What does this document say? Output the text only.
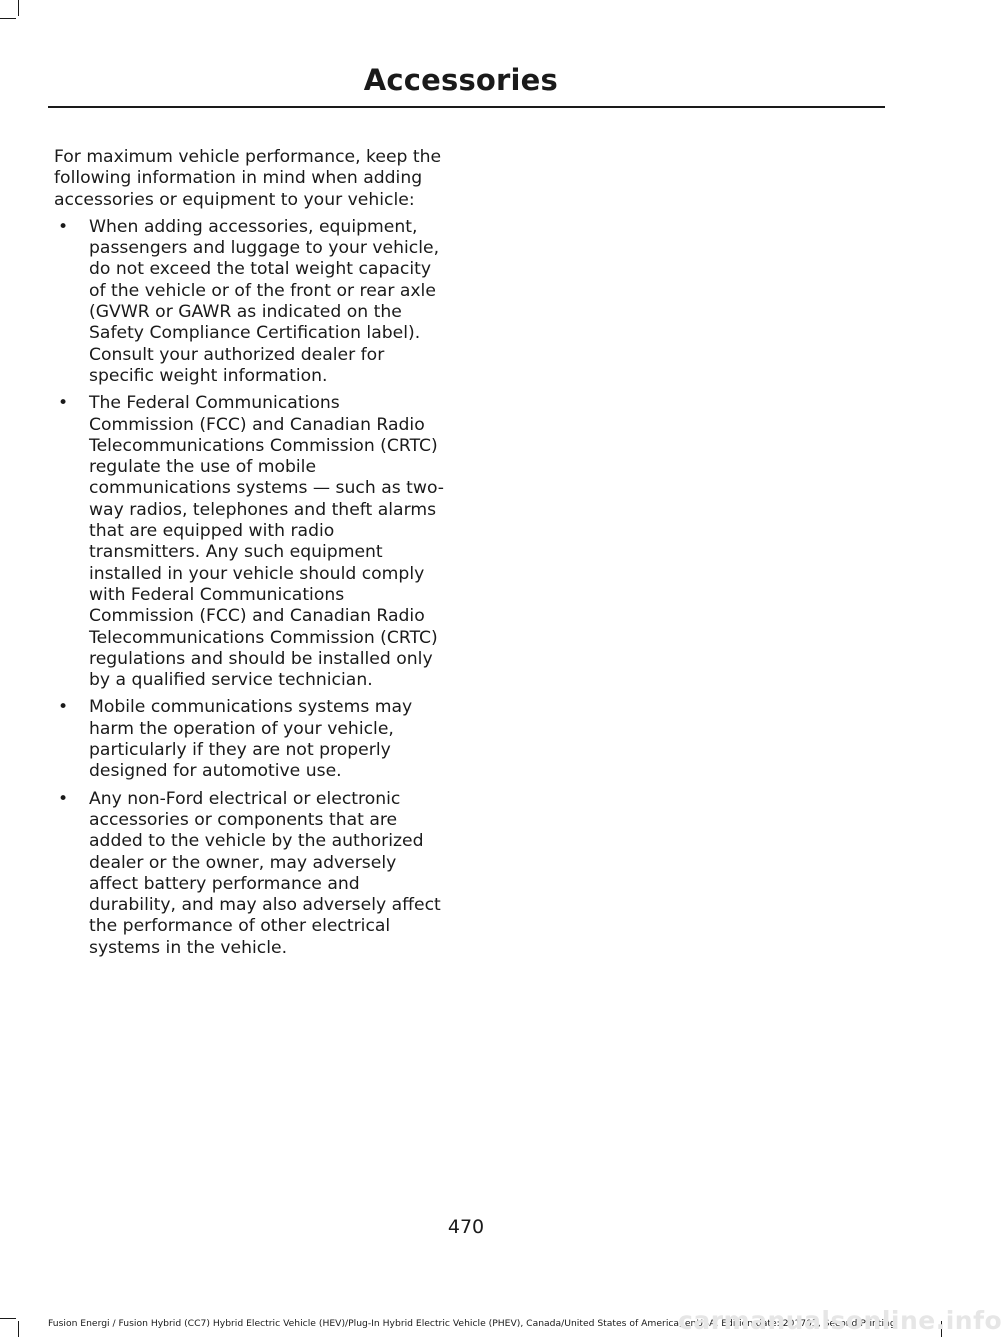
Accessories

For maximum vehicle performance, keep the following information in mind when adding accessories or equipment to your vehicle:

• When adding accessories, equipment, passengers and luggage to your vehicle, do not exceed the total weight capacity of the vehicle or of the front or rear axle (GVWR or GAWR as indicated on the Safety Compliance Certification label). Consult your authorized dealer for specific weight information.
• The Federal Communications Commission (FCC) and Canadian Radio Telecommunications Commission (CRTC) regulate the use of mobile communications systems — such as two-way radios, telephones and theft alarms that are equipped with radio transmitters. Any such equipment installed in your vehicle should comply with Federal Communications Commission (FCC) and Canadian Radio Telecommunications Commission (CRTC) regulations and should be installed only by a qualified service technician.
• Mobile communications systems may harm the operation of your vehicle, particularly if they are not properly designed for automotive use.
• Any non-Ford electrical or electronic accessories or components that are added to the vehicle by the authorized dealer or the owner, may adversely affect battery performance and durability, and may also adversely affect the performance of other electrical systems in the vehicle.
470
Fusion Energi / Fusion Hybrid (CC7) Hybrid Electric Vehicle (HEV)/Plug-In Hybrid Electric Vehicle (PHEV), Canada/United States of America, enUSA, Edition date: 201705, Second Printing
carmanualsonline.info
